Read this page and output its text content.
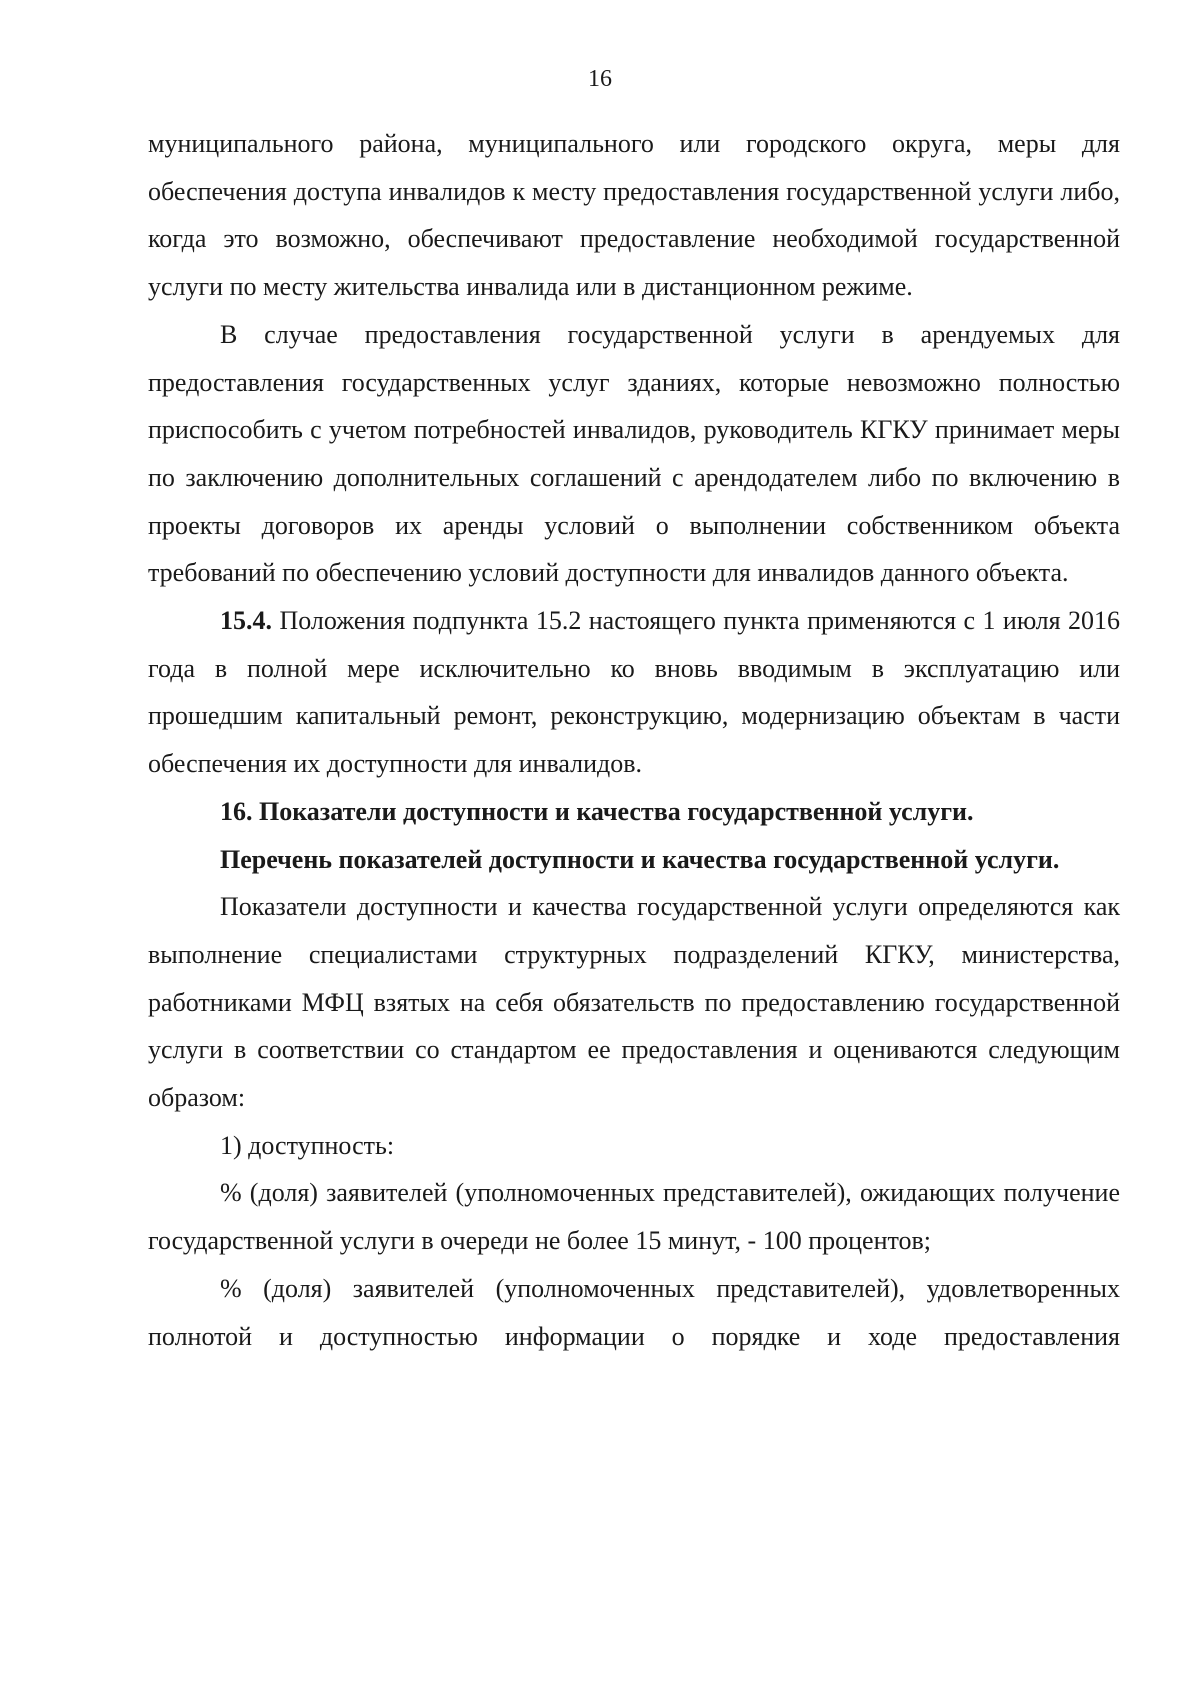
16

муниципального района, муниципального или городского округа, меры для обеспечения доступа инвалидов к месту предоставления государственной услуги либо, когда это возможно, обеспечивают предоставление необходимой государственной услуги по месту жительства инвалида или в дистанционном режиме.

В случае предоставления государственной услуги в арендуемых для предоставления государственных услуг зданиях, которые невозможно полностью приспособить с учетом потребностей инвалидов, руководитель КГКУ принимает меры по заключению дополнительных соглашений с арендодателем либо по включению в проекты договоров их аренды условий о выполнении собственником объекта требований по обеспечению условий доступности для инвалидов данного объекта.

15.4. Положения подпункта 15.2 настоящего пункта применяются с 1 июля 2016 года в полной мере исключительно ко вновь вводимым в эксплуатацию или прошедшим капитальный ремонт, реконструкцию, модернизацию объектам в части обеспечения их доступности для инвалидов.

16. Показатели доступности и качества государственной услуги.

Перечень показателей доступности и качества государственной услуги.

Показатели доступности и качества государственной услуги определяются как выполнение специалистами структурных подразделений КГКУ, министерства, работниками МФЦ взятых на себя обязательств по предоставлению государственной услуги в соответствии со стандартом ее предоставления и оцениваются следующим образом:

1) доступность:

% (доля) заявителей (уполномоченных представителей), ожидающих получение государственной услуги в очереди не более 15 минут, - 100 процентов;

% (доля) заявителей (уполномоченных представителей), удовлетворенных полнотой и доступностью информации о порядке и ходе предоставления
